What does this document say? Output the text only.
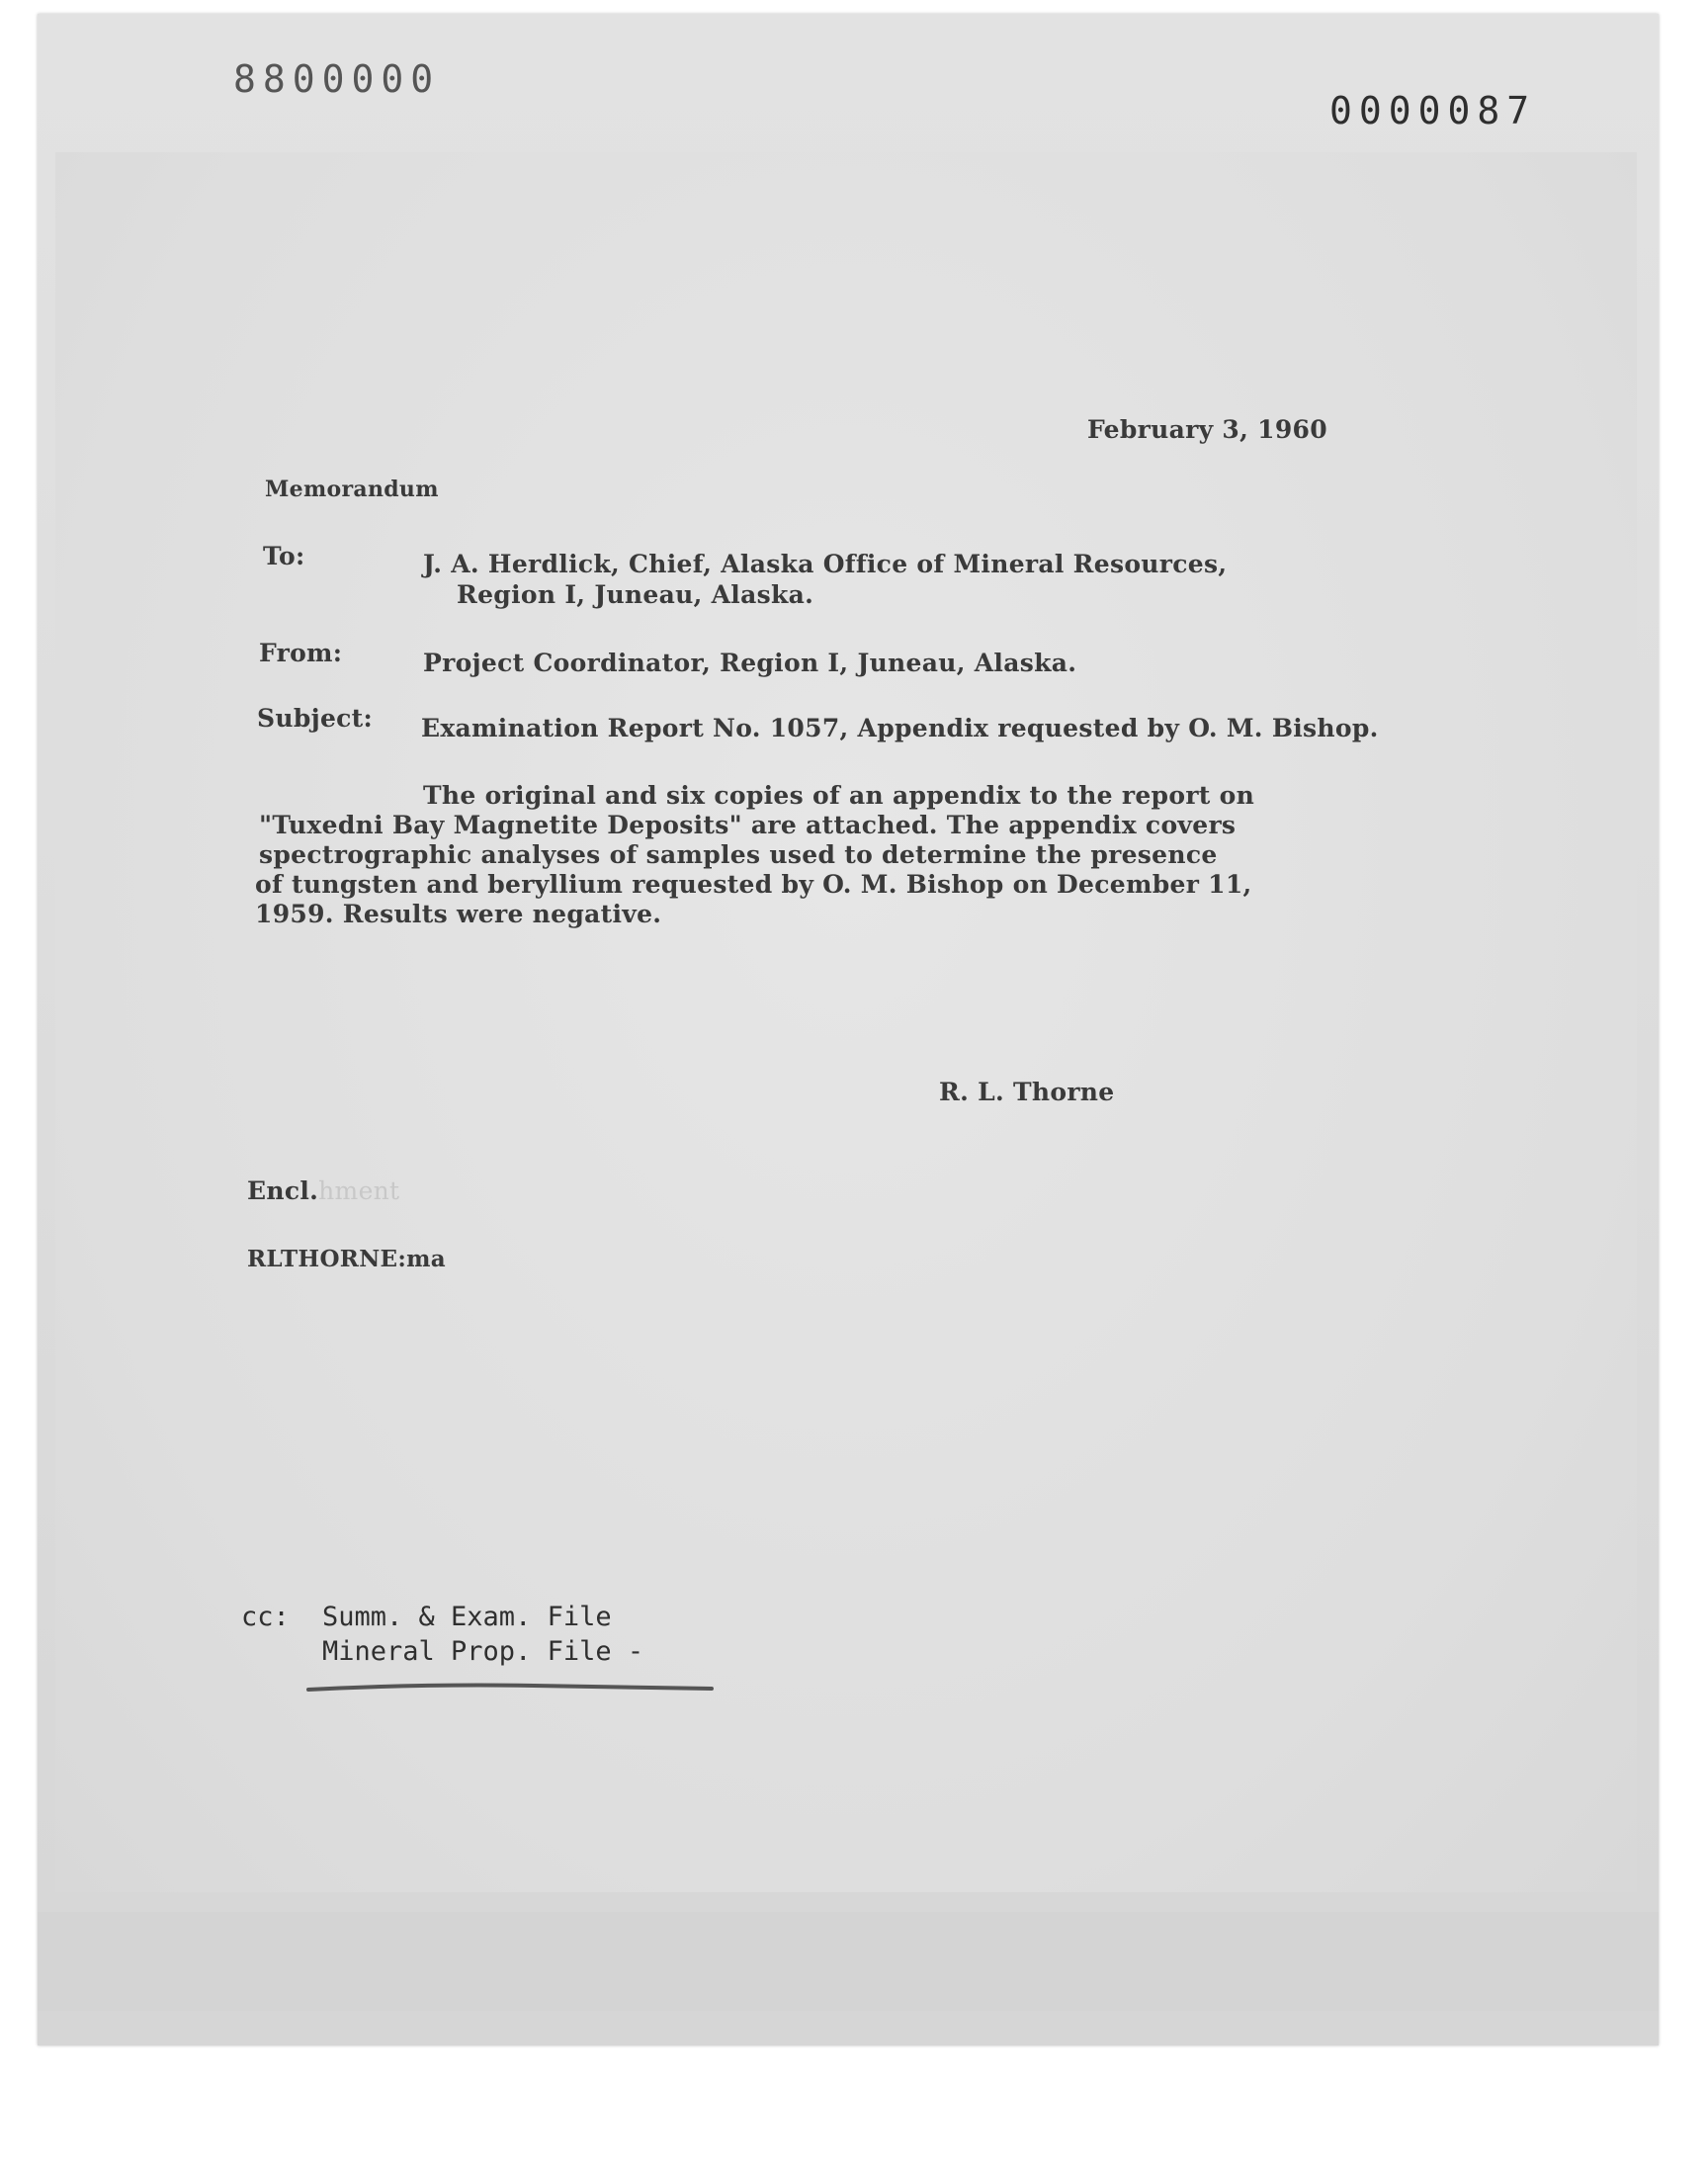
8800000
0000087
February 3, 1960
Memorandum
To:	J. A. Herdlick, Chief, Alaska Office of Mineral Resources,
Region I, Juneau, Alaska.
From:	Project Coordinator, Region I, Juneau, Alaska.
Subject: Examination Report No. 1057, Appendix requested by O. M. Bishop.
The original and six copies of an appendix to the report on
"Tuxedni Bay Magnetite Deposits" are attached. The appendix covers
spectrographic analyses of samples used to determine the presence
of tungsten and beryllium requested by O. M. Bishop on December 11,
1959. Results were negative.
R. L. Thorne
Encl.hment
RLTHORNE:ma
cc: Summ. & Exam. File
Mineral Prop. File -
